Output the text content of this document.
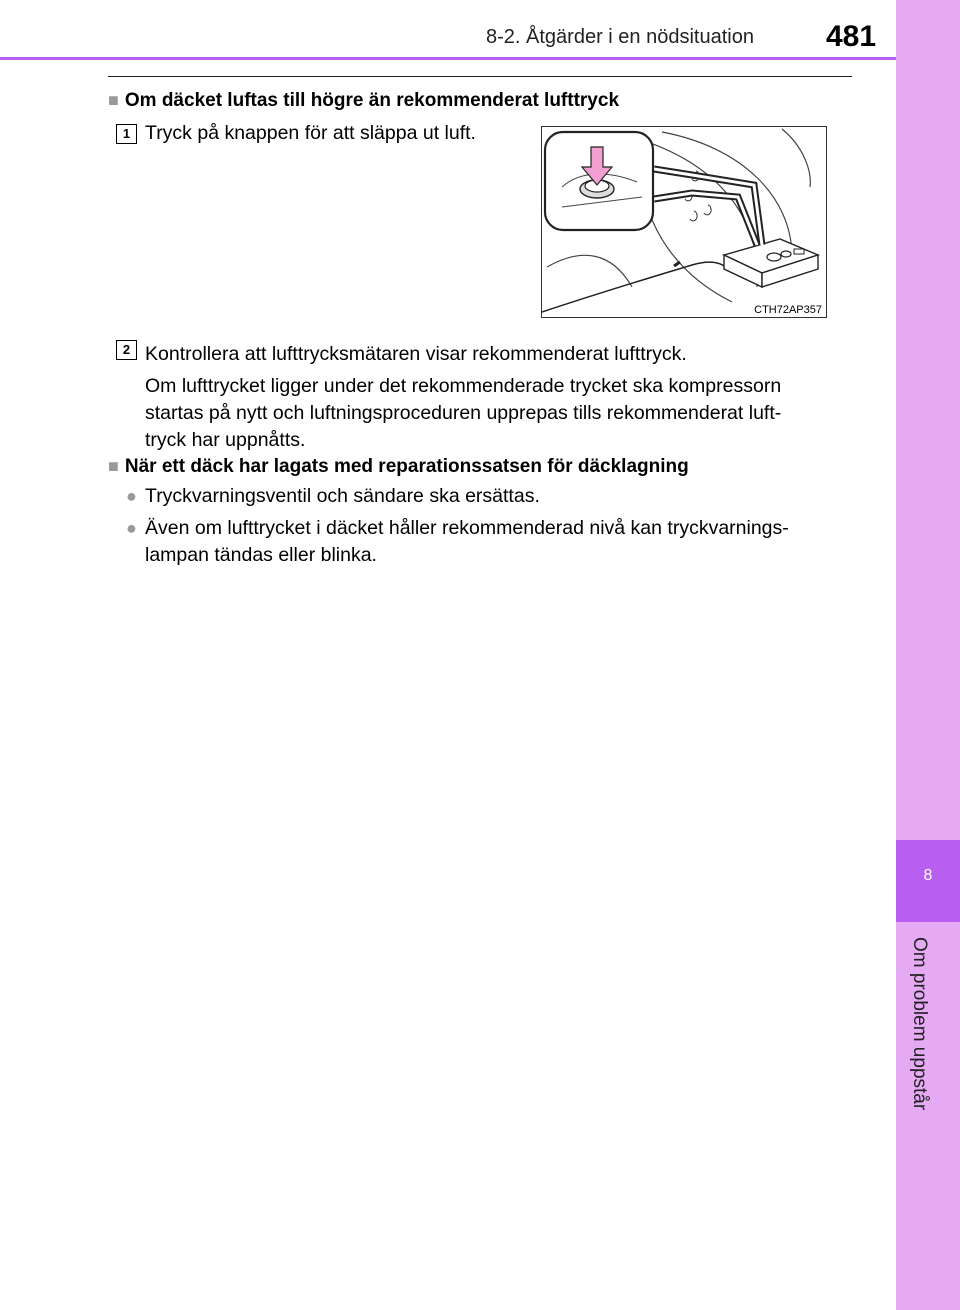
8-2. Åtgärder i en nödsituation 481
8
Om problem uppstår
■ Om däcket luftas till högre än rekommenderat lufttryck
1 Tryck på knappen för att släppa ut luft.
CTH72AP357
2 Kontrollera att lufttrycksmätaren visar rekommenderat lufttryck.
Om lufttrycket ligger under det rekommenderade trycket ska kompressorn
startas på nytt och luftningsproceduren upprepas tills rekommenderat luft-
tryck har uppnåtts.
■ När ett däck har lagats med reparationssatsen för däcklagning
● Tryckvarningsventil och sändare ska ersättas.
● Även om lufttrycket i däcket håller rekommenderad nivå kan tryckvarnings-
lampan tändas eller blinka.
